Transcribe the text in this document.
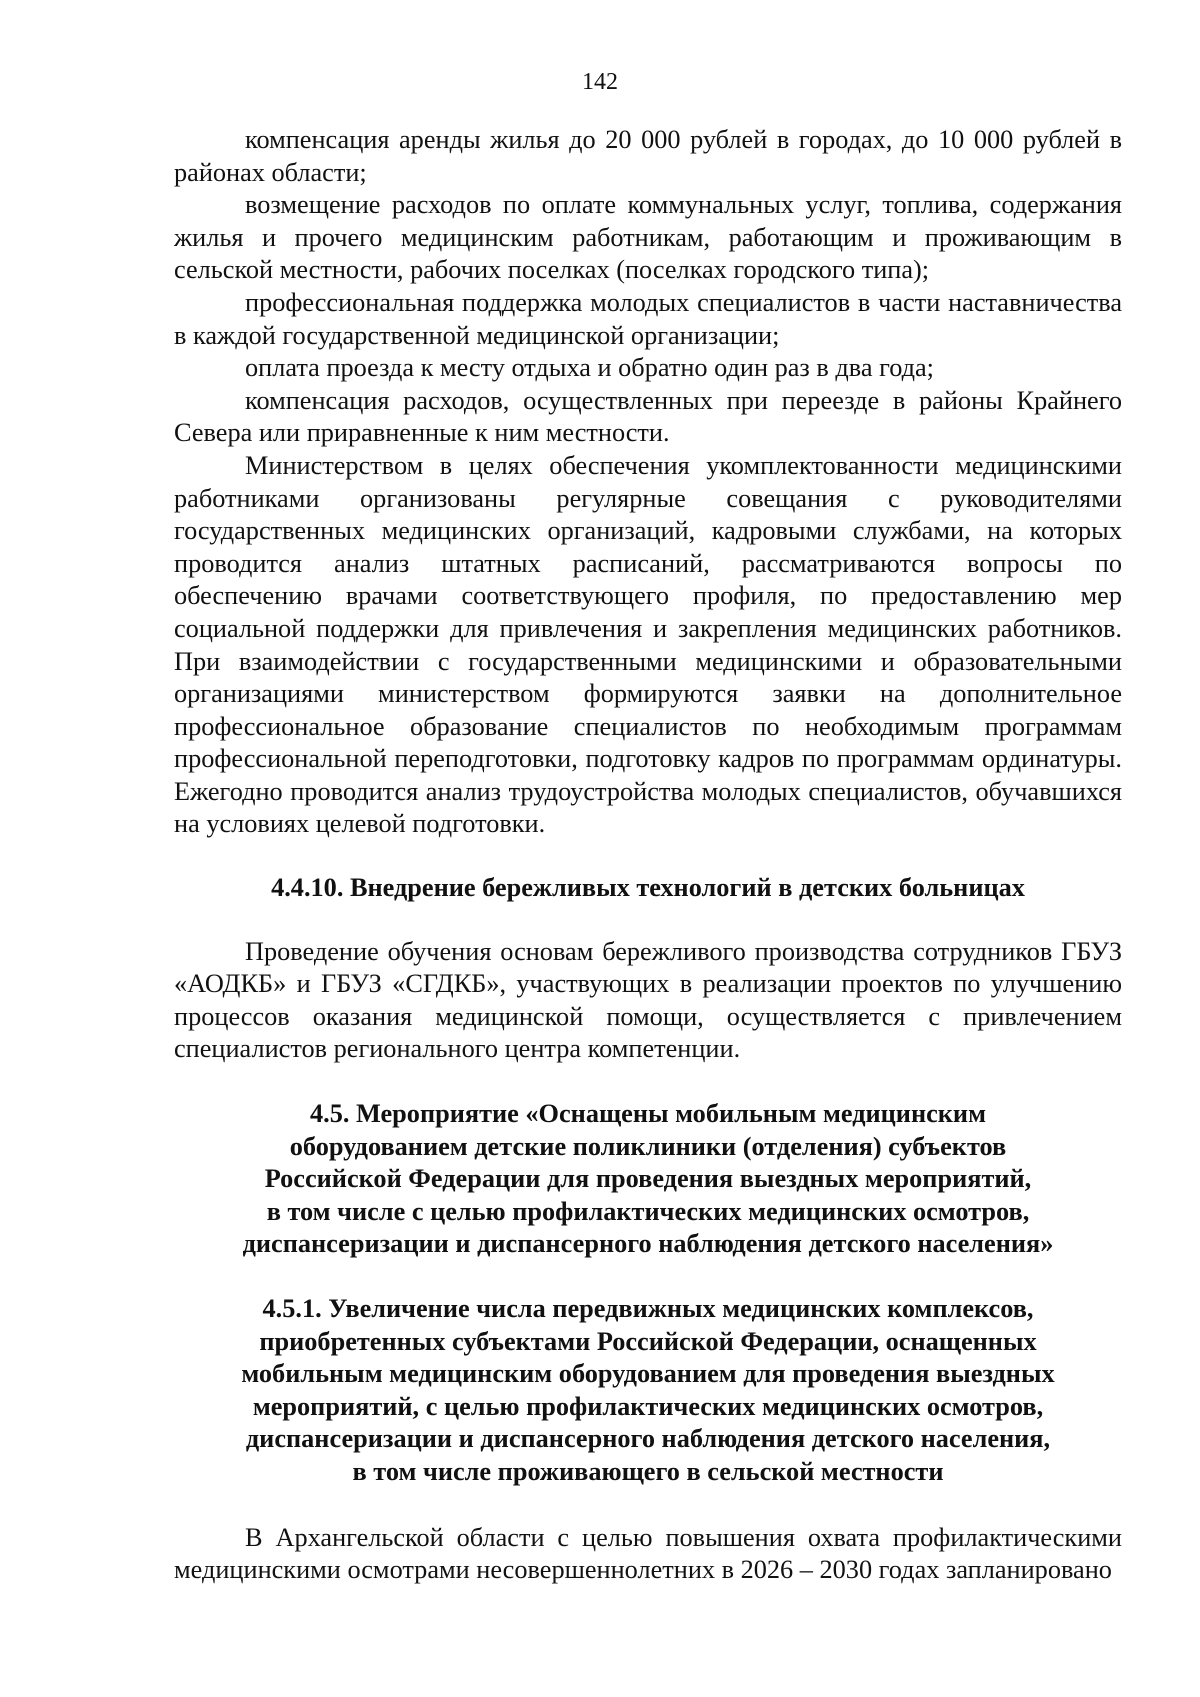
142

компенсация аренды жилья до 20 000 рублей в городах, до 10 000 рублей в районах области;

возмещение расходов по оплате коммунальных услуг, топлива, содержания жилья и прочего медицинским работникам, работающим и проживающим в сельской местности, рабочих поселках (поселках городского типа);

профессиональная поддержка молодых специалистов в части наставничества в каждой государственной медицинской организации;

оплата проезда к месту отдыха и обратно один раз в два года;

компенсация расходов, осуществленных при переезде в районы Крайнего Севера или приравненные к ним местности.

Министерством в целях обеспечения укомплектованности медицинскими работниками организованы регулярные совещания с руководителями государственных медицинских организаций, кадровыми службами, на которых проводится анализ штатных расписаний, рассматриваются вопросы по обеспечению врачами соответствующего профиля, по предоставлению мер социальной поддержки для привлечения и закрепления медицинских работников. При взаимодействии с государственными медицинскими и образовательными организациями министерством формируются заявки на дополнительное профессиональное образование специалистов по необходимым программам профессиональной переподготовки, подготовку кадров по программам ординатуры. Ежегодно проводится анализ трудоустройства молодых специалистов, обучавшихся на условиях целевой подготовки.

4.4.10. Внедрение бережливых технологий в детских больницах

Проведение обучения основам бережливого производства сотрудников ГБУЗ «АОДКБ» и ГБУЗ «СГДКБ», участвующих в реализации проектов по улучшению процессов оказания медицинской помощи, осуществляется с привлечением специалистов регионального центра компетенции.

4.5. Мероприятие «Оснащены мобильным медицинским
оборудованием детские поликлиники (отделения) субъектов
Российской Федерации для проведения выездных мероприятий,
в том числе с целью профилактических медицинских осмотров,
диспансеризации и диспансерного наблюдения детского населения»

4.5.1. Увеличение числа передвижных медицинских комплексов,
приобретенных субъектами Российской Федерации, оснащенных
мобильным медицинским оборудованием для проведения выездных
мероприятий, с целью профилактических медицинских осмотров,
диспансеризации и диспансерного наблюдения детского населения,
в том числе проживающего в сельской местности

В Архангельской области с целью повышения охвата профилактическими медицинскими осмотрами несовершеннолетних в 2026 – 2030 годах запланировано
